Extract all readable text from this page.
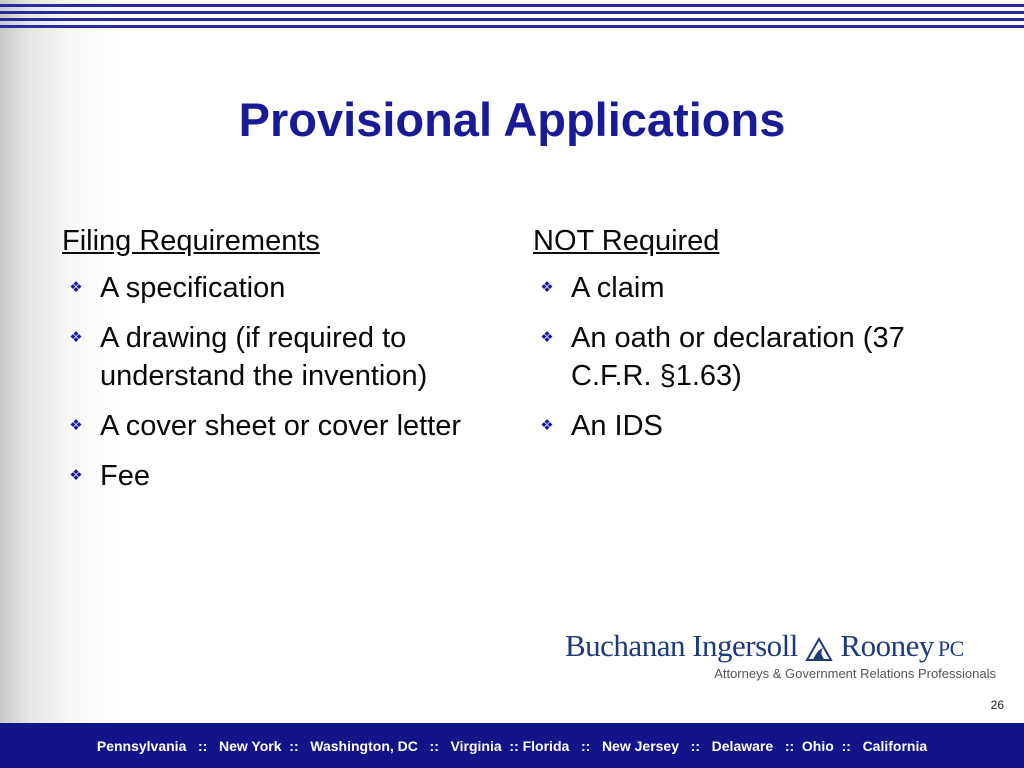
Provisional Applications
Filing Requirements
❖ A specification
❖ A drawing (if required to understand the invention)
❖ A cover sheet or cover letter
❖ Fee
NOT Required
❖ A claim
❖ An oath or declaration (37 C.F.R. §1.63)
❖ An IDS
Buchanan Ingersoll Rooney PC
Attorneys & Government Relations Professionals
26
Pennsylvania   ::   New York  ::   Washington, DC   ::   Virginia  :: Florida   ::   New Jersey   ::   Delaware   ::  Ohio  ::   California
